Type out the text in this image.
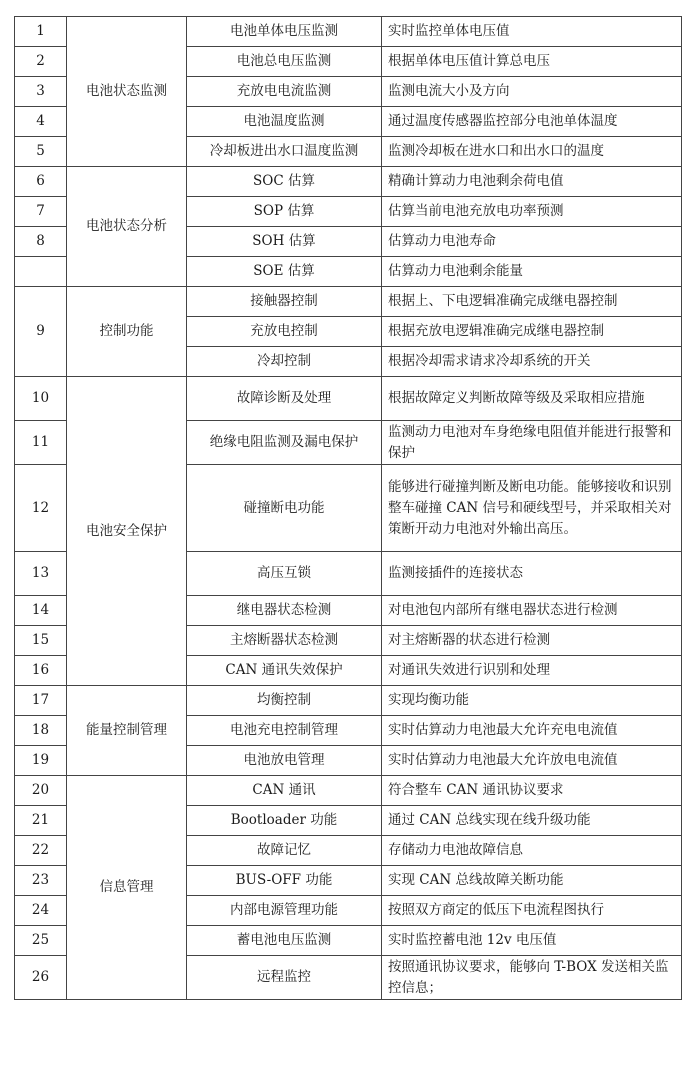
1	电池状态监测	电池单体电压监测	实时监控单体电压值
2		电池总电压监测	根据单体电压值计算总电压
3		充放电电流监测	监测电流大小及方向
4		电池温度监测	通过温度传感器监控部分电池单体温度
5		冷却板进出水口温度监测	监测冷却板在进水口和出水口的温度
6	电池状态分析	SOC 估算	精确计算动力电池剩余荷电值
7		SOP 估算	估算当前电池充放电功率预测
8		SOH 估算	估算动力电池寿命
		SOE 估算	估算动力电池剩余能量
9	控制功能	接触器控制	根据上、下电逻辑准确完成继电器控制
		充放电控制	根据充放电逻辑准确完成继电器控制
		冷却控制	根据冷却需求请求冷却系统的开关
10	电池安全保护	故障诊断及处理	根据故障定义判断故障等级及采取相应措施
11		绝缘电阻监测及漏电保护	监测动力电池对车身绝缘电阻值并能进行报警和保护
12		碰撞断电功能	能够进行碰撞判断及断电功能。能够接收和识别整车碰撞 CAN 信号和硬线型号，并采取相关对策断开动力电池对外输出高压。
13		高压互锁	监测接插件的连接状态
14		继电器状态检测	对电池包内部所有继电器状态进行检测
15		主熔断器状态检测	对主熔断器的状态进行检测
16		CAN 通讯失效保护	对通讯失效进行识别和处理
17	能量控制管理	均衡控制	实现均衡功能
18		电池充电控制管理	实时估算动力电池最大允许充电电流值
19		电池放电管理	实时估算动力电池最大允许放电电流值
20	信息管理	CAN 通讯	符合整车 CAN 通讯协议要求
21		Bootloader 功能	通过 CAN 总线实现在线升级功能
22		故障记忆	存储动力电池故障信息
23		BUS-OFF 功能	实现 CAN 总线故障关断功能
24		内部电源管理功能	按照双方商定的低压下电流程图执行
25		蓄电池电压监测	实时监控蓄电池 12v 电压值
26		远程监控	按照通讯协议要求，能够向 T-BOX 发送相关监控信息；
